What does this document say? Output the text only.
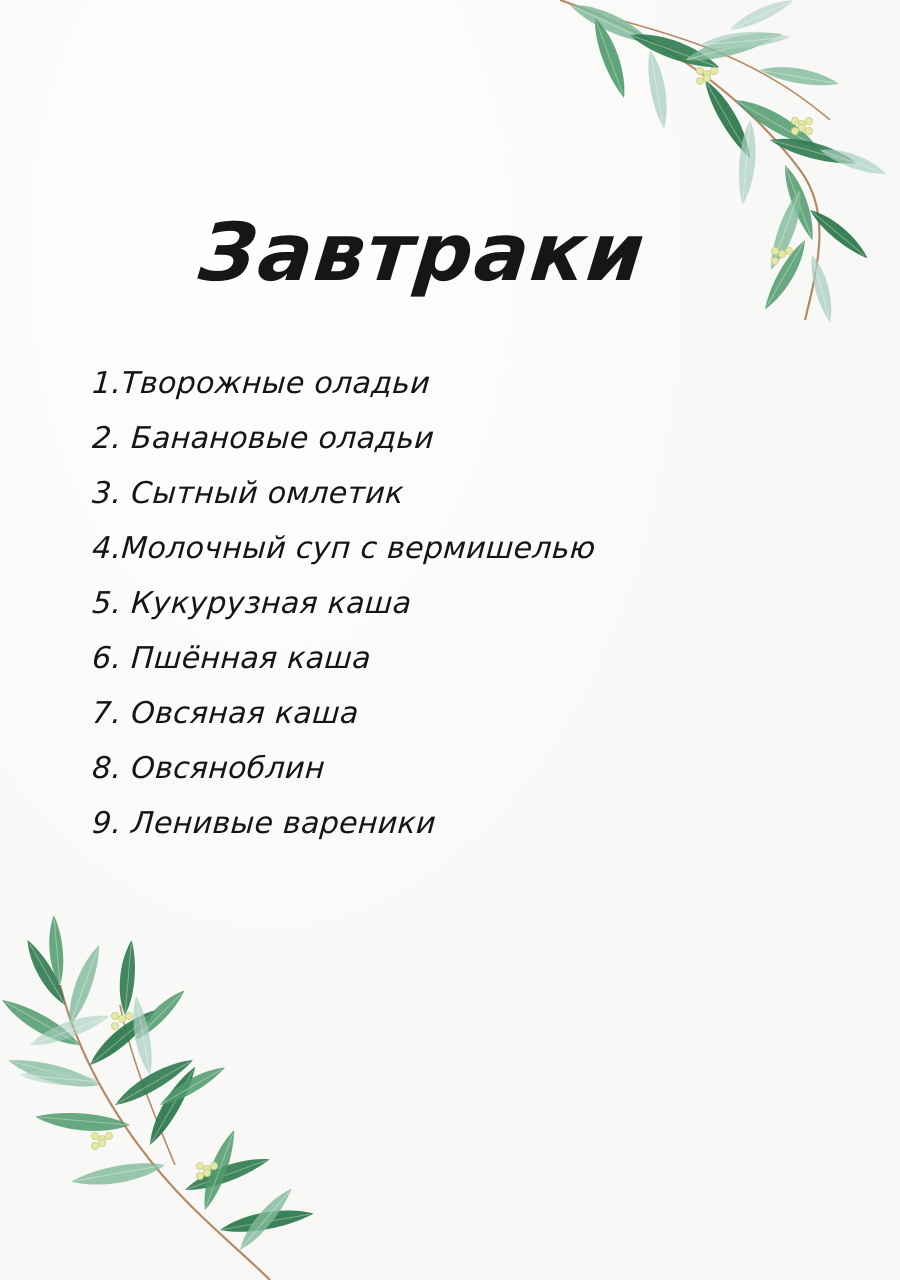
Завтраки
1.Творожные оладьи
2. Банановые оладьи
3. Сытный омлетик
4.Молочный суп с вермишелью
5. Кукурузная каша
6. Пшённая каша
7. Овсяная каша
8. Овсяноблин
9. Ленивые вареники
